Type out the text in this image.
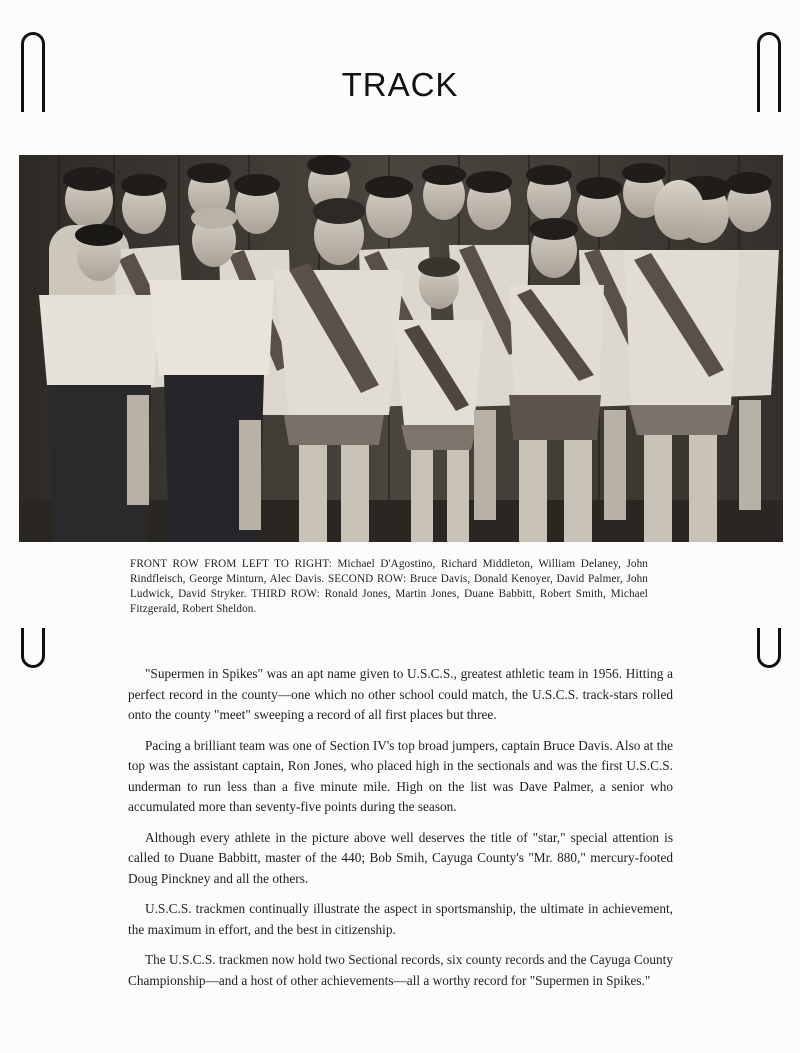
TRACK
FRONT ROW FROM LEFT TO RIGHT: Michael D'Agostino, Richard Middleton, William Delaney, John Rindfleisch, George Minturn, Alec Davis. SECOND ROW: Bruce Davis, Donald Kenoyer, David Palmer, John Ludwick, David Stryker. THIRD ROW: Ronald Jones, Martin Jones, Duane Babbitt, Robert Smith, Michael Fitzgerald, Robert Sheldon.

"Supermen in Spikes" was an apt name given to U.S.C.S., greatest athletic team in 1956. Hitting a perfect record in the county—one which no other school could match, the U.S.C.S. track-stars rolled onto the county "meet" sweeping a record of all first places but three.

Pacing a brilliant team was one of Section IV's top broad jumpers, captain Bruce Davis. Also at the top was the assistant captain, Ron Jones, who placed high in the sectionals and was the first U.S.C.S. underman to run less than a five minute mile. High on the list was Dave Palmer, a senior who accumulated more than seventy-five points during the season.

Although every athlete in the picture above well deserves the title of "star," special attention is called to Duane Babbitt, master of the 440; Bob Smih, Cayuga County's "Mr. 880," mercury-footed Doug Pinckney and all the others.

U.S.C.S. trackmen continually illustrate the aspect in sportsmanship, the ultimate in achievement, the maximum in effort, and the best in citizenship.

The U.S.C.S. trackmen now hold two Sectional records, six county records and the Cayuga County Championship—and a host of other achievements—all a worthy record for "Supermen in Spikes."
